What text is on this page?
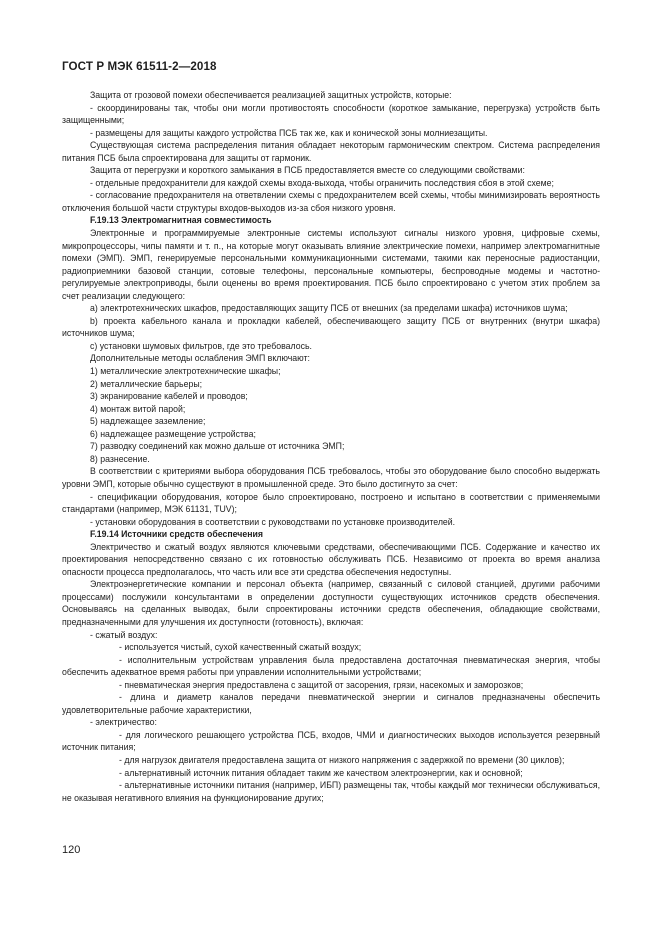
ГОСТ Р МЭК 61511-2—2018

Защита от грозовой помехи обеспечивается реализацией защитных устройств, которые:

- скоординированы так, чтобы они могли противостоять способности (короткое замыкание, перегрузка) устройств быть защищенными;

- размещены для защиты каждого устройства ПСБ так же, как и конической зоны молниезащиты.

Существующая система распределения питания обладает некоторым гармоническим спектром. Система распределения питания ПСБ была спроектирована для защиты от гармоник.

Защита от перегрузки и короткого замыкания в ПСБ предоставляется вместе со следующими свойствами:

- отдельные предохранители для каждой схемы входа-выхода, чтобы ограничить последствия сбоя в этой схеме;

- согласование предохранителя на ответвлении схемы с предохранителем всей схемы, чтобы минимизировать вероятность отключения большой части структуры входов-выходов из-за сбоя низкого уровня.

F.19.13 Электромагнитная совместимость

Электронные и программируемые электронные системы используют сигналы низкого уровня, цифровые схемы, микропроцессоры, чипы памяти и т. п., на которые могут оказывать влияние электрические помехи, например электромагнитные помехи (ЭМП). ЭМП, генерируемые персональными коммуникационными системами, такими как переносные радиостанции, радиоприемники базовой станции, сотовые телефоны, персональные компьютеры, беспроводные модемы и частотно-регулируемые электроприводы, были оценены во время проектирования. ПСБ было спроектировано с учетом этих проблем за счет реализации следующего:

a) электротехнических шкафов, предоставляющих защиту ПСБ от внешних (за пределами шкафа) источников шума;

b) проекта кабельного канала и прокладки кабелей, обеспечивающего защиту ПСБ от внутренних (внутри шкафа) источников шума;

c) установки шумовых фильтров, где это требовалось.

Дополнительные методы ослабления ЭМП включают:

1) металлические электротехнические шкафы;

2) металлические барьеры;

3) экранирование кабелей и проводов;

4) монтаж витой парой;

5) надлежащее заземление;

6) надлежащее размещение устройства;

7) разводку соединений как можно дальше от источника ЭМП;

8) разнесение.

В соответствии с критериями выбора оборудования ПСБ требовалось, чтобы это оборудование было способно выдержать уровни ЭМП, которые обычно существуют в промышленной среде. Это было достигнуто за счет:

- спецификации оборудования, которое было спроектировано, построено и испытано в соответствии с применяемыми стандартами (например, МЭК 61131, TUV);

- установки оборудования в соответствии с руководствами по установке производителей.

F.19.14 Источники средств обеспечения

Электричество и сжатый воздух являются ключевыми средствами, обеспечивающими ПСБ. Содержание и качество их проектирования непосредственно связано с их готовностью обслуживать ПСБ. Независимо от проекта во время анализа опасности процесса предполагалось, что часть или все эти средства обеспечения недоступны.

Электроэнергетические компании и персонал объекта (например, связанный с силовой станцией, другими рабочими процессами) послужили консультантами в определении доступности существующих источников средств обеспечения. Основываясь на сделанных выводах, были спроектированы источники средств обеспечения, обладающие свойствами, предназначенными для улучшения их доступности (готовность), включая:

- сжатый воздух:

- используется чистый, сухой качественный сжатый воздух;

- исполнительным устройствам управления была предоставлена достаточная пневматическая энергия, чтобы обеспечить адекватное время работы при управлении исполнительными устройствами;

- пневматическая энергия предоставлена с защитой от засорения, грязи, насекомых и заморозков;

- длина и диаметр каналов передачи пневматической энергии и сигналов предназначены обеспечить удовлетворительные рабочие характеристики,

- электричество:

- для логического решающего устройства ПСБ, входов, ЧМИ и диагностических выходов используется резервный источник питания;

- для нагрузок двигателя предоставлена защита от низкого напряжения с задержкой по времени (30 циклов);

- альтернативный источник питания обладает таким же качеством электроэнергии, как и основной;

- альтернативные источники питания (например, ИБП) размещены так, чтобы каждый мог технически обслуживаться, не оказывая негативного влияния на функционирование других;

120
